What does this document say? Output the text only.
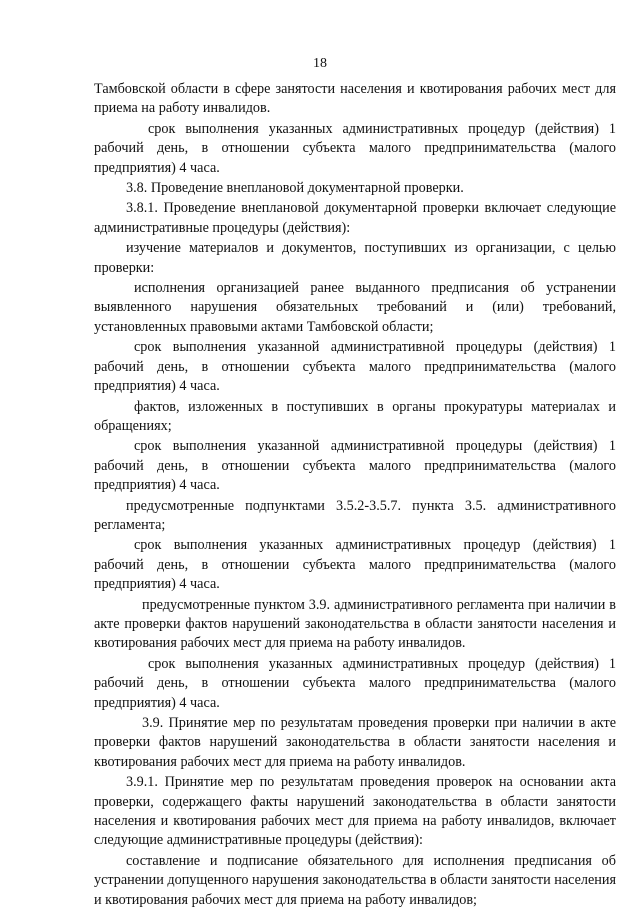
18

Тамбовской области в сфере занятости населения и квотирования рабочих мест для приема на работу инвалидов.

срок выполнения указанных административных процедур (действия) 1 рабочий день, в отношении субъекта малого предпринимательства (малого предприятия) 4 часа.

3.8. Проведение внеплановой документарной проверки.

3.8.1. Проведение внеплановой документарной проверки включает следующие административные процедуры (действия):

изучение материалов и документов, поступивших из организации, с целью проверки:

исполнения организацией ранее выданного предписания об устранении выявленного нарушения обязательных требований и (или) требований, установленных правовыми актами Тамбовской области;

срок выполнения указанной административной процедуры (действия) 1 рабочий день, в отношении субъекта малого предпринимательства (малого предприятия) 4 часа.

фактов, изложенных в поступивших в органы прокуратуры материалах и обращениях;

срок выполнения указанной административной процедуры (действия) 1 рабочий день, в отношении субъекта малого предпринимательства (малого предприятия) 4 часа.

предусмотренные подпунктами 3.5.2-3.5.7. пункта 3.5. административного регламента;

срок выполнения указанных административных процедур (действия) 1 рабочий день, в отношении субъекта малого предпринимательства (малого предприятия) 4 часа.

предусмотренные пунктом 3.9. административного регламента при наличии в акте проверки фактов нарушений законодательства в области занятости населения и квотирования рабочих мест для приема на работу инвалидов.

срок выполнения указанных административных процедур (действия) 1 рабочий день, в отношении субъекта малого предпринимательства (малого предприятия) 4 часа.

3.9. Принятие мер по результатам проведения проверки при наличии в акте проверки фактов нарушений законодательства в области занятости населения и квотирования рабочих мест для приема на работу инвалидов.

3.9.1. Принятие мер по результатам проведения проверок на основании акта проверки, содержащего факты нарушений законодательства в области занятости населения и квотирования рабочих мест для приема на работу инвалидов, включает следующие административные процедуры (действия):

составление и подписание обязательного для исполнения предписания об устранении допущенного нарушения законодательства в области занятости населения и квотирования рабочих мест для приема на работу инвалидов;
